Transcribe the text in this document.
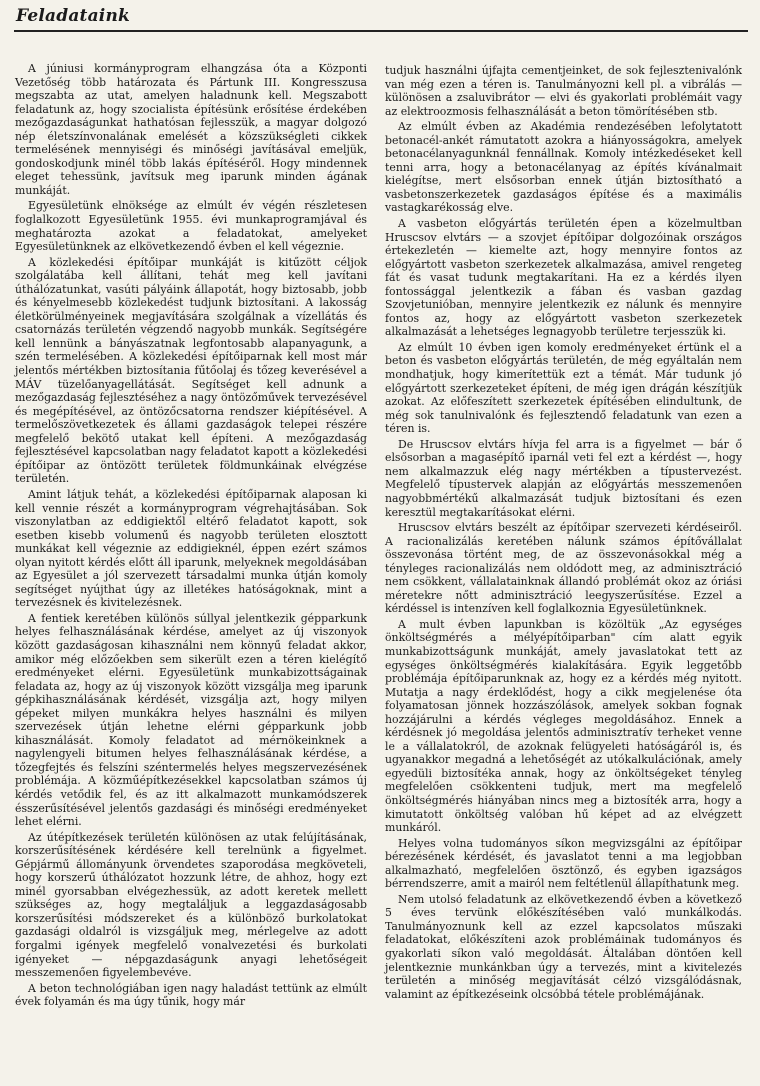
Feladataink

A júniusi kormányprogram elhangzása óta a Központi Vezetőség több határozata és Pártunk III. Kongresszusa megszabta az utat, amelyen haladnunk kell. Megszabott feladatunk az, hogy szocialista építésünk erősítése érdekében mezőgazdaságunkat hathatósan fejlesszük, a magyar dolgozó nép életszínvonalának emelését a közszükségleti cikkek termelésének mennyiségi és minőségi javításával emeljük, gondoskodjunk minél több lakás építéséről. Hogy mindennek eleget tehessünk, javítsuk meg iparunk minden ágának munkáját.

Egyesületünk elnöksége az elmúlt év végén részletesen foglalkozott Egyesületünk 1955. évi munkaprogramjával és meghatározta azokat a feladatokat, amelyeket Egyesületünknek az elkövetkezendő évben el kell végeznie.

A közlekedési építőipar munkáját is kitűzött céljok szolgálatába kell állítani, tehát meg kell javítani úthálózatunkat, vasúti pályáink állapotát, hogy biztosabb, jobb és kényelmesebb közlekedést tudjunk biztosítani. A lakosság életkörülményeinek megjavítására szolgálnak a vízellátás és csatornázás területén végzendő nagyobb munkák. Segítségére kell lennünk a bányászatnak legfontosabb alapanyagunk, a szén termelésében. A közlekedési építőiparnak kell most már jelentős mértékben biztosítania fűtőolaj és tőzeg keverésével a MÁV tüzelőanyagellátását. Segítséget kell adnunk a mezőgazdaság fejlesztéséhez a nagy öntözőművek tervezésével és megépítésével, az öntözőcsatorna rendszer kiépítésével. A termelőszövetkezetek és állami gazdaságok telepei részére megfelelő bekötő utakat kell építeni. A mezőgazdaság fejlesztésével kapcsolatban nagy feladatot kapott a közlekedési építőipar az öntözött területek földmunkáinak elvégzése területén.

Amint látjuk tehát, a közlekedési építőiparnak alaposan ki kell vennie részét a kormányprogram végrehajtásában. Sok viszonylatban az eddigiektől eltérő feladatot kapott, sok esetben kisebb volumenű és nagyobb területen elosztott munkákat kell végeznie az eddigieknél, éppen ezért számos olyan nyitott kérdés előtt áll iparunk, melyeknek megoldásában az Egyesület a jól szervezett társadalmi munka útján komoly segítséget nyújthat úgy az illetékes hatóságoknak, mint a tervezésnek és kivitelezésnek.

A fentiek keretében különös súllyal jelentkezik gépparkunk helyes felhasználásának kérdése, amelyet az új viszonyok között gazdaságosan kihasználni nem könnyű feladat akkor, amikor még előzőekben sem sikerült ezen a téren kielégítő eredményeket elérni. Egyesületünk munkabizottságainak feladata az, hogy az új viszonyok között vizsgálja meg iparunk gépkihasználásának kérdését, vizsgálja azt, hogy milyen gépeket milyen munkákra helyes használni és milyen szervezések útján lehetne elérni gépparkunk jobb kihasználását. Komoly feladatot ad mérnökeinknek a nagylengyeli bitumen helyes felhasználásának kérdése, a tőzegfejtés és felszíni széntermelés helyes megszervezésének problémája. A közműépítkezésekkel kapcsolatban számos új kérdés vetődik fel, és az itt alkalmazott munkamódszerek ésszerűsítésével jelentős gazdasági és minőségi eredményeket lehet elérni.

Az útépítkezések területén különösen az utak felújításának, korszerűsítésének kérdésére kell terelnünk a figyelmet. Gépjármű állományunk örvendetes szaporodása megköveteli, hogy korszerű úthálózatot hozzunk létre, de ahhoz, hogy ezt minél gyorsabban elvégezhessük, az adott keretek mellett szükséges az, hogy megtaláljuk a leggazdaságosabb korszerűsítési módszereket és a különböző burkolatokat gazdasági oldalról is vizsgáljuk meg, mérlegelve az adott forgalmi igények megfelelő vonalvezetési és burkolati igényeket — népgazdaságunk anyagi lehetőségeit messzemenően figyelembevéve.

A beton technológiában igen nagy haladást tettünk az elmúlt évek folyamán és ma úgy tűnik, hogy már

tudjuk használni újfajta cementjeinket, de sok fejlesztenivalónk van még ezen a téren is. Tanulmányozni kell pl. a vibrálás — különösen a zsaluvibrátor — elvi és gyakorlati problémáit vagy az elektroozmosis felhasználását a beton tömörítésében stb.

Az elmúlt évben az Akadémia rendezésében lefolytatott betonacél-ankét rámutatott azokra a hiányosságokra, amelyek betonacélanyagunknál fennállnak. Komoly intézkedéseket kell tenni arra, hogy a betonacélanyag az építés kívánalmait kielégítse, mert elsősorban ennek útján biztosítható a vasbetonszerkezetek gazdaságos építése és a maximális vastagkarékosság elve.

A vasbeton előgyártás területén épen a közelmultban Hruscsov elvtárs — a szovjet építőipar dolgozóinak országos értekezletén — kiemelte azt, hogy mennyire fontos az előgyártott vasbeton szerkezetek alkalmazása, amivel rengeteg fát és vasat tudunk megtakarítani. Ha ez a kérdés ilyen fontossággal jelentkezik a fában és vasban gazdag Szovjetunióban, mennyire jelentkezik ez nálunk és mennyire fontos az, hogy az előgyártott vasbeton szerkezetek alkalmazását a lehetséges legnagyobb területre terjesszük ki.

Az elmúlt 10 évben igen komoly eredményeket értünk el a beton és vasbeton előgyártás területén, de még egyáltalán nem mondhatjuk, hogy kimerítettük ezt a témát. Már tudunk jó előgyártott szerkezeteket építeni, de még igen drágán készítjük azokat. Az előfeszített szerkezetek építésében elindultunk, de még sok tanulnivalónk és fejlesztendő feladatunk van ezen a téren is.

De Hruscsov elvtárs hívja fel arra is a figyelmet — bár ő elsősorban a magasépítő iparnál veti fel ezt a kérdést —, hogy nem alkalmazzuk elég nagy mértékben a típustervezést. Megfelelő típustervek alapján az előgyártás messzemenően nagyobbmértékű alkalmazását tudjuk biztosítani és ezen keresztül megtakarításokat elérni.

Hruscsov elvtárs beszélt az építőipar szervezeti kérdéseiről. A racionalizálás keretében nálunk számos építővállalat összevonása történt meg, de az összevonásokkal még a tényleges racionalizálás nem oldódott meg, az adminisztráció nem csökkent, vállalatainknak állandó problémát okoz az óriási méretekre nőtt adminisztráció leegyszerűsítése. Ezzel a kérdéssel is intenzíven kell foglalkoznia Egyesületünknek.

A mult évben lapunkban is közöltük „Az egységes önköltségmérés a mélyépítőiparban" cím alatt egyik munkabizottságunk munkáját, amely javaslatokat tett az egységes önköltségmérés kialakítására. Egyik leggetőbb problémája építőiparunknak az, hogy ez a kérdés még nyitott. Mutatja a nagy érdeklődést, hogy a cikk megjelenése óta folyamatosan jönnek hozzászólások, amelyek sokban fognak hozzájárulni a kérdés végleges megoldásához. Ennek a kérdésnek jó megoldása jelentős adminisztratív terheket venne le a vállalatokról, de azoknak felügyeleti hatóságáról is, és ugyanakkor megadná a lehetőségét az utókalkulációnak, amely egyedüli biztosítéka annak, hogy az önköltségeket tényleg megfelelően csökkenteni tudjuk, mert ma megfelelő önköltségmérés hiányában nincs meg a biztosíték arra, hogy a kimutatott önköltség valóban hű képet ad az elvégzett munkáról.

Helyes volna tudományos síkon megvizsgálni az építőipar bérezésének kérdését, és javaslatot tenni a ma legjobban alkalmazható, megfelelően ösztönző, és egyben igazságos bérrendszerre, amit a mairól nem feltétlenül állapíthatunk meg.

Nem utolsó feladatunk az elkövetkezendő évben a következő 5 éves tervünk előkészítésében való munkálkodás. Tanulmányoznunk kell az ezzel kapcsolatos műszaki feladatokat, előkészíteni azok problémáinak tudományos és gyakorlati síkon való megoldását. Általában döntően kell jelentkeznie munkánkban úgy a tervezés, mint a kivitelezés területén a minőség megjavítását célzó vizsgálódásnak, valamint az építkezéseink olcsóbbá tétele problémájának.
